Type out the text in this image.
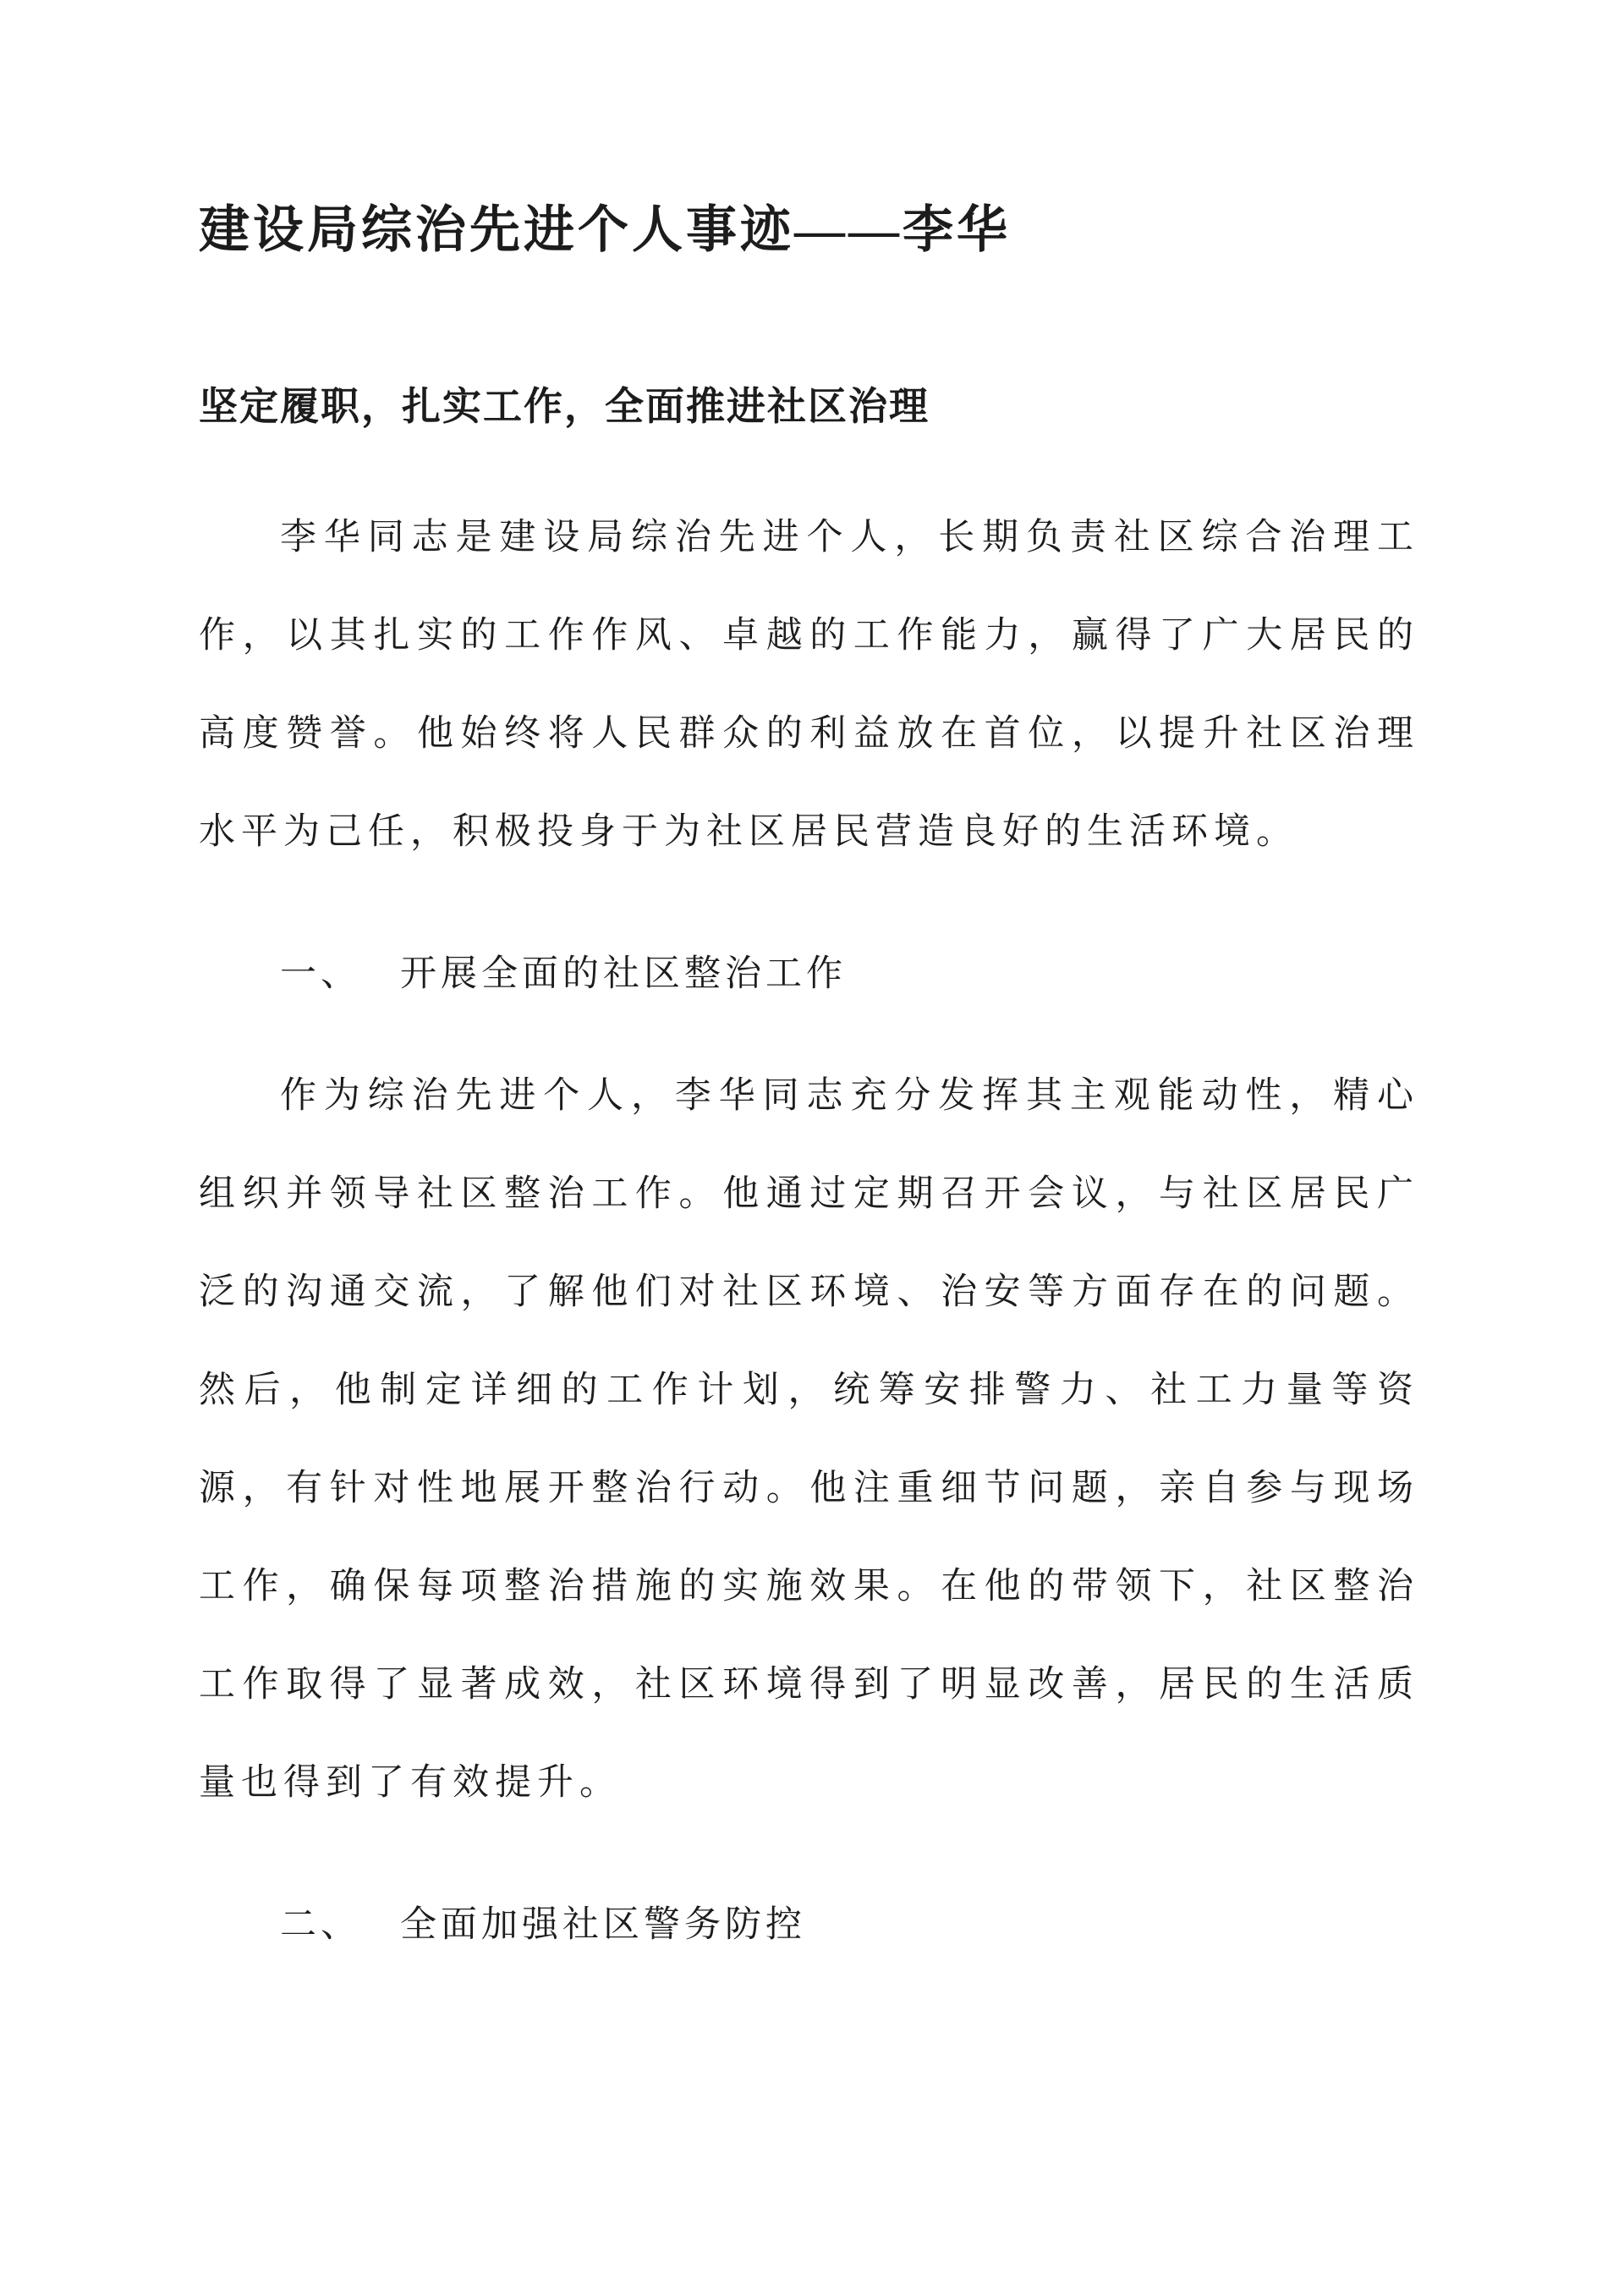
建设局综治先进个人事迹——李华
坚定履职，扎实工作，全面推进社区治理

李华同志是建设局综治先进个人，长期负责社区综合治理工作，以其扎实的工作作风、卓越的工作能力，赢得了广大居民的高度赞誉。他始终将人民群众的利益放在首位，以提升社区治理水平为己任，积极投身于为社区居民营造良好的生活环境。

一、 开展全面的社区整治工作

作为综治先进个人，李华同志充分发挥其主观能动性，精心组织并领导社区整治工作。他通过定期召开会议，与社区居民广泛的沟通交流，了解他们对社区环境、治安等方面存在的问题。然后，他制定详细的工作计划，统筹安排警力、社工力量等资源，有针对性地展开整治行动。他注重细节问题，亲自参与现场工作，确保每项整治措施的实施效果。在他的带领下，社区整治工作取得了显著成效，社区环境得到了明显改善，居民的生活质量也得到了有效提升。

二、 全面加强社区警务防控
